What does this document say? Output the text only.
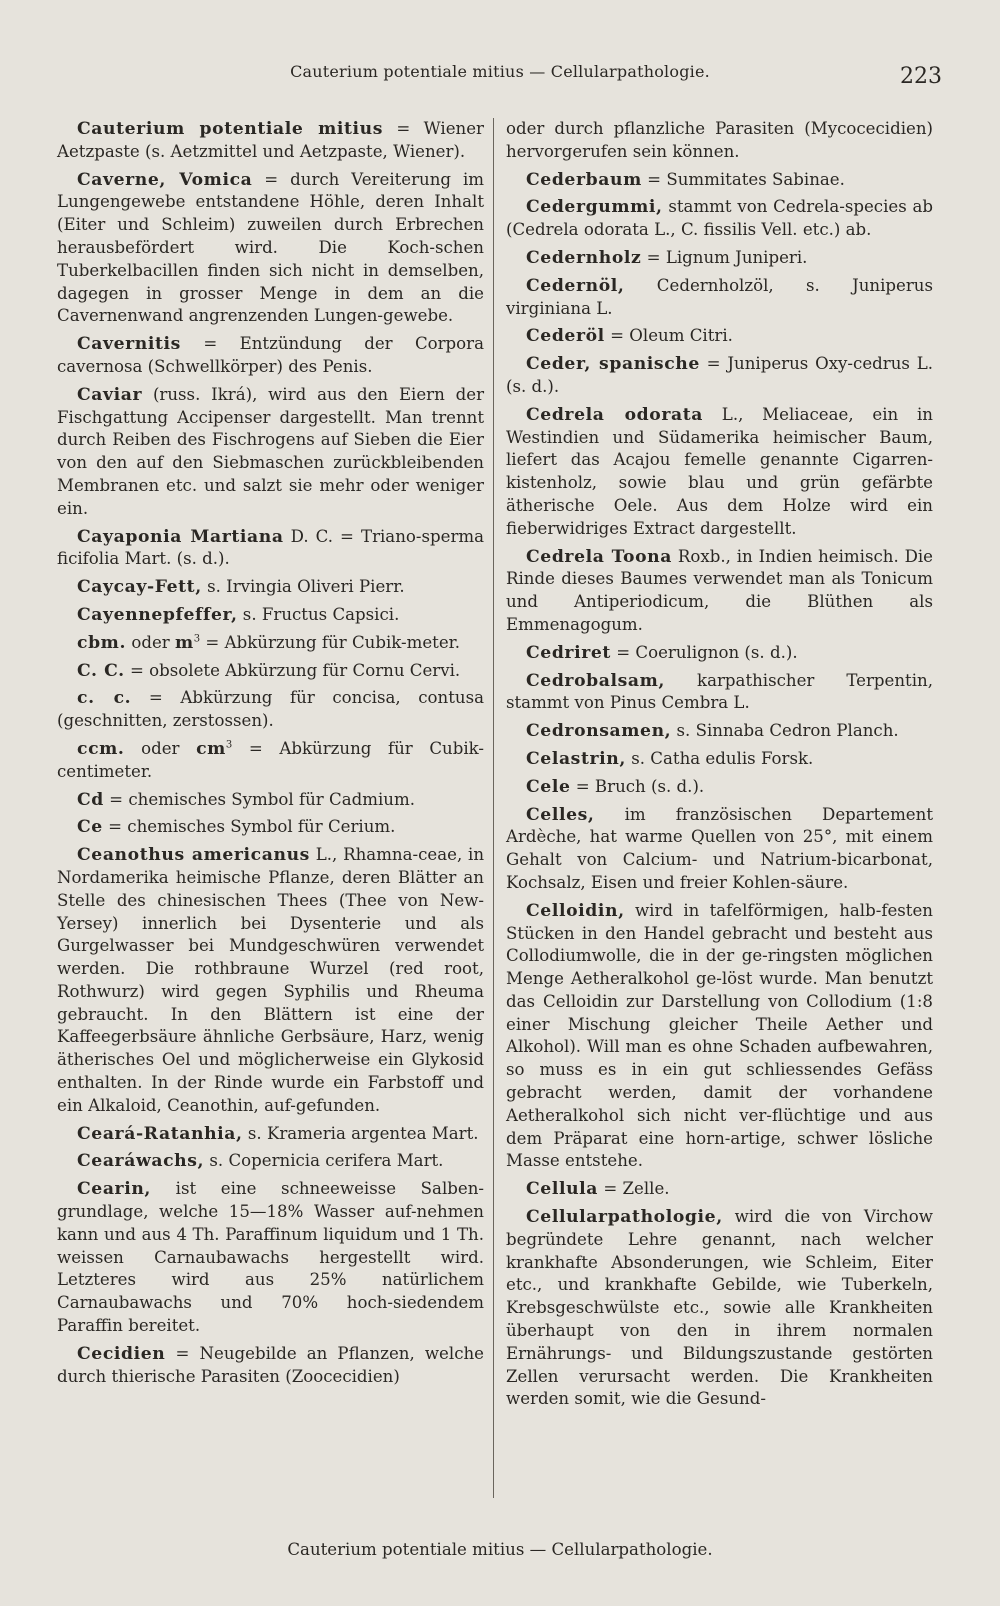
Cauterium potentiale mitius — Cellularpathologie.	223

Cauterium potentiale mitius = Wiener Aetzpaste (s. Aetzmittel und Aetzpaste, Wiener).

Caverne, Vomica = durch Vereiterung im Lungengewebe entstandene Höhle, deren Inhalt (Eiter und Schleim) zuweilen durch Erbrechen herausbefördert wird. Die Koch-schen Tuberkelbacillen finden sich nicht in demselben, dagegen in grosser Menge in dem an die Cavernenwand angrenzenden Lungen-gewebe.

Cavernitis = Entzündung der Corpora cavernosa (Schwellkörper) des Penis.

Caviar (russ. Ikrá), wird aus den Eiern der Fischgattung Accipenser dargestellt. Man trennt durch Reiben des Fischrogens auf Sieben die Eier von den auf den Siebmaschen zurückbleibenden Membranen etc. und salzt sie mehr oder weniger ein.

Cayaponia Martiana D. C. = Triano-sperma ficifolia Mart. (s. d.).

Caycay-Fett, s. Irvingia Oliveri Pierr.

Cayennepfeffer, s. Fructus Capsici.

cbm. oder $m^3$ = Abkürzung für Cubik-meter.

C. C. = obsolete Abkürzung für Cornu Cervi.

c. c. = Abkürzung für concisa, contusa (geschnitten, zerstossen).

ccm. oder $cm^3$ = Abkürzung für Cubik-centimeter.

Cd = chemisches Symbol für Cadmium.

Ce = chemisches Symbol für Cerium.

Ceanothus americanus L., Rhamna-ceae, in Nordamerika heimische Pflanze, deren Blätter an Stelle des chinesischen Thees (Thee von New-Yersey) innerlich bei Dysenterie und als Gurgelwasser bei Mundgeschwüren verwendet werden. Die rothbraune Wurzel (red root, Rothwurz) wird gegen Syphilis und Rheuma gebraucht. In den Blättern ist eine der Kaffeegerbsäure ähnliche Gerbsäure, Harz, wenig ätherisches Oel und möglicherweise ein Glykosid enthalten. In der Rinde wurde ein Farbstoff und ein Alkaloid, Ceanothin, auf-gefunden.

Ceará-Ratanhia, s. Krameria argentea Mart.

Cearáwachs, s. Copernicia cerifera Mart.

Cearin, ist eine schneeweisse Salben-grundlage, welche 15—18% Wasser auf-nehmen kann und aus 4 Th. Paraffinum liquidum und 1 Th. weissen Carnaubawachs hergestellt wird. Letzteres wird aus 25% natürlichem Carnaubawachs und 70% hoch-siedendem Paraffin bereitet.

Cecidien = Neugebilde an Pflanzen, welche durch thierische Parasiten (Zoocecidien)

oder durch pflanzliche Parasiten (Mycocecidien) hervorgerufen sein können.

Cederbaum = Summitates Sabinae.

Cedergummi, stammt von Cedrela-species ab (Cedrela odorata L., C. fissilis Vell. etc.) ab.

Cedernholz = Lignum Juniperi.

Cedernöl, Cedernholzöl, s. Juniperus virginiana L.

Cederöl = Oleum Citri.

Ceder, spanische = Juniperus Oxy-cedrus L. (s. d.).

Cedrela odorata L., Meliaceae, ein in Westindien und Südamerika heimischer Baum, liefert das Acajou femelle genannte Cigarren-kistenholz, sowie blau und grün gefärbte ätherische Oele. Aus dem Holze wird ein fieberwidriges Extract dargestellt.

Cedrela Toona Roxb., in Indien heimisch. Die Rinde dieses Baumes verwendet man als Tonicum und Antiperiodicum, die Blüthen als Emmenagogum.

Cedriret = Coerulignon (s. d.).

Cedrobalsam, karpathischer Terpentin, stammt von Pinus Cembra L.

Cedronsamen, s. Sinnaba Cedron Planch.

Celastrin, s. Catha edulis Forsk.

Cele = Bruch (s. d.).

Celles, im französischen Departement Ardèche, hat warme Quellen von 25°, mit einem Gehalt von Calcium- und Natrium-bicarbonat, Kochsalz, Eisen und freier Kohlen-säure.

Celloidin, wird in tafelförmigen, halb-festen Stücken in den Handel gebracht und besteht aus Collodiumwolle, die in der ge-ringsten möglichen Menge Aetheralkohol ge-löst wurde. Man benutzt das Celloidin zur Darstellung von Collodium (1:8 einer Mischung gleicher Theile Aether und Alkohol). Will man es ohne Schaden aufbewahren, so muss es in ein gut schliessendes Gefäss gebracht werden, damit der vorhandene Aetheralkohol sich nicht ver-flüchtige und aus dem Präparat eine horn-artige, schwer lösliche Masse entstehe.

Cellula = Zelle.

Cellularpathologie, wird die von Virchow begründete Lehre genannt, nach welcher krankhafte Absonderungen, wie Schleim, Eiter etc., und krankhafte Gebilde, wie Tuberkeln, Krebsgeschwülste etc., sowie alle Krankheiten überhaupt von den in ihrem normalen Ernährungs- und Bildungszustande gestörten Zellen verursacht werden. Die Krankheiten werden somit, wie die Gesund-

Cauterium potentiale mitius — Cellularpathologie.
